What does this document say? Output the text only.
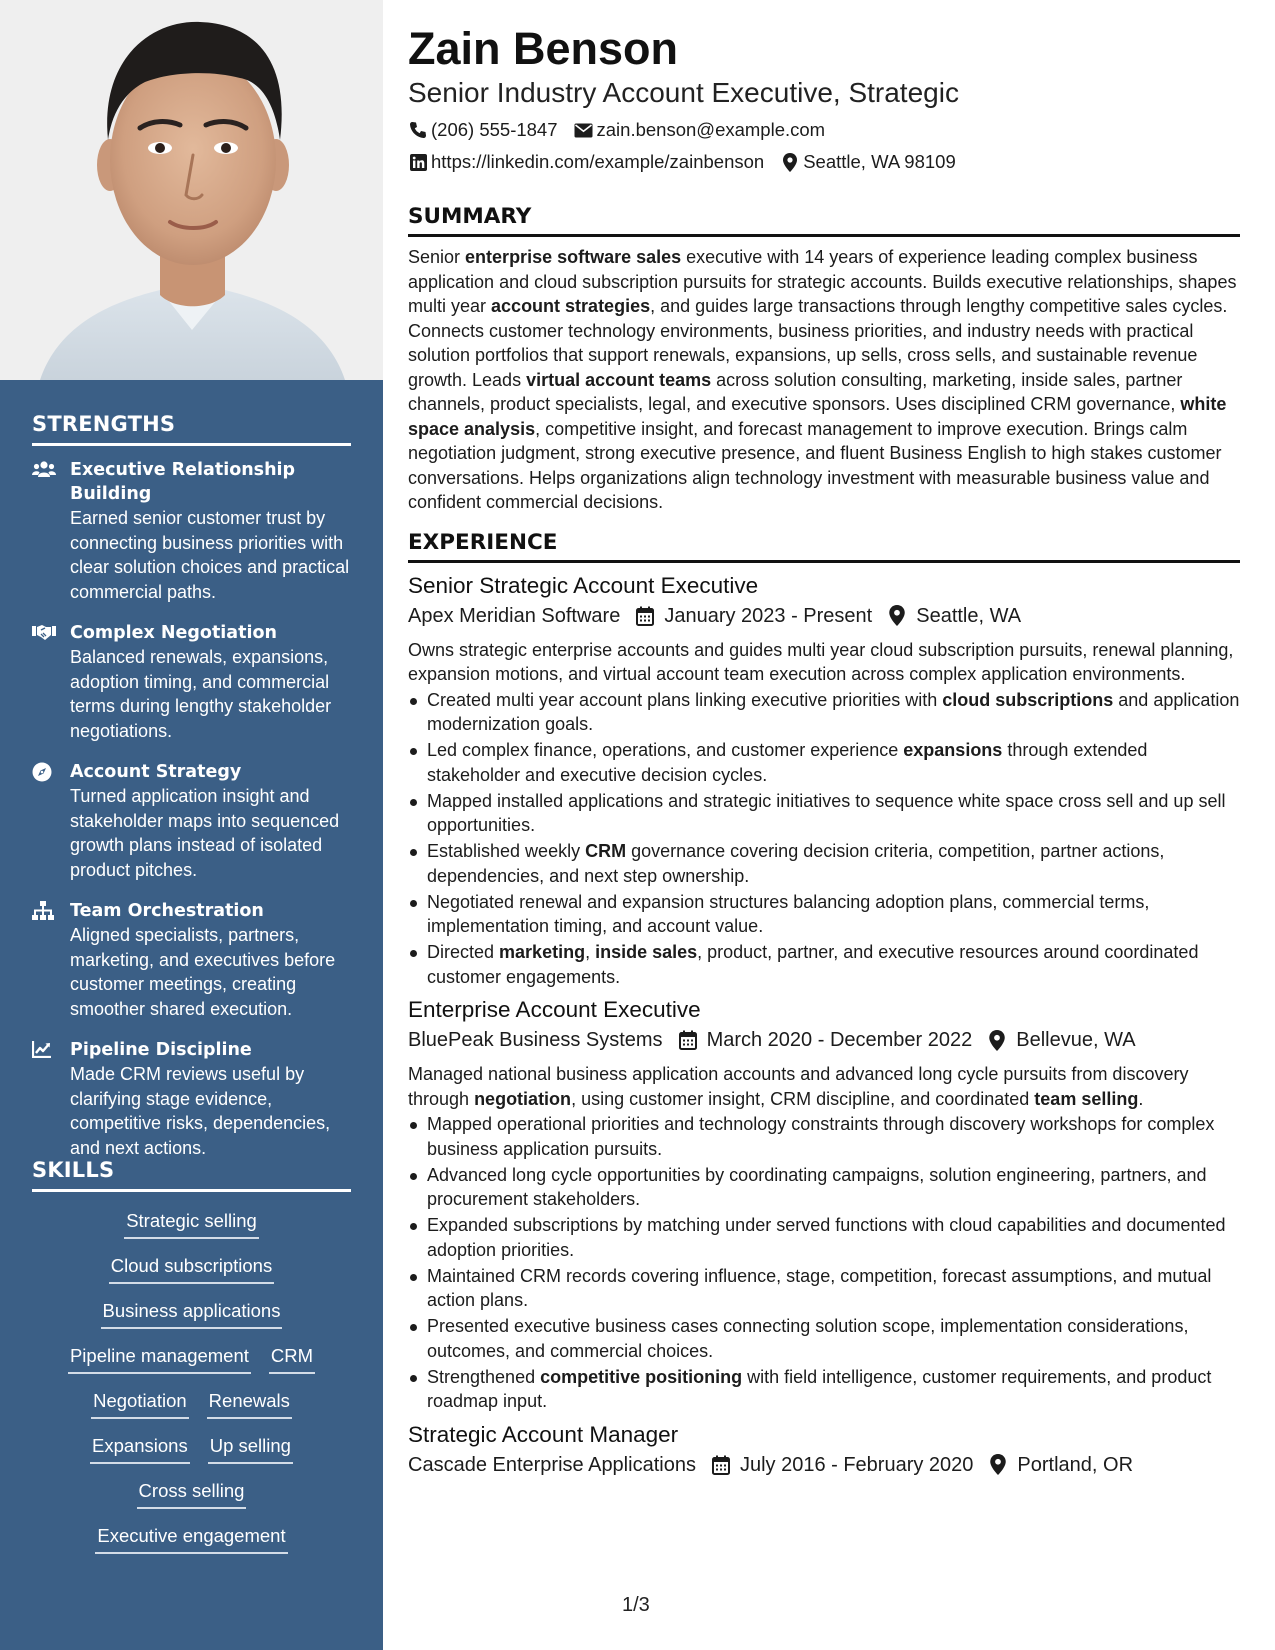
STRENGTHS
Executive Relationship Building
Earned senior customer trust by connecting business priorities with clear solution choices and practical commercial paths.
Complex Negotiation
Balanced renewals, expansions, adoption timing, and commercial terms during lengthy stakeholder negotiations.
Account Strategy
Turned application insight and stakeholder maps into sequenced growth plans instead of isolated product pitches.
Team Orchestration
Aligned specialists, partners, marketing, and executives before customer meetings, creating smoother shared execution.
Pipeline Discipline
Made CRM reviews useful by clarifying stage evidence, competitive risks, dependencies, and next actions.
SKILLS
Strategic selling
Cloud subscriptions
Business applications
Pipeline management CRM
Negotiation Renewals
Expansions Up selling
Cross selling
Executive engagement
Zain Benson
Senior Industry Account Executive, Strategic
(206) 555-1847 zain.benson@example.com
https://linkedin.com/example/zainbenson Seattle, WA 98109
SUMMARY

Senior enterprise software sales executive with 14 years of experience leading complex business application and cloud subscription pursuits for strategic accounts. Builds executive relationships, shapes multi year account strategies, and guides large transactions through lengthy competitive sales cycles. Connects customer technology environments, business priorities, and industry needs with practical solution portfolios that support renewals, expansions, up sells, cross sells, and sustainable revenue growth. Leads virtual account teams across solution consulting, marketing, inside sales, partner channels, product specialists, legal, and executive sponsors. Uses disciplined CRM governance, white space analysis, competitive insight, and forecast management to improve execution. Brings calm negotiation judgment, strong executive presence, and fluent Business English to high stakes customer conversations. Helps organizations align technology investment with measurable business value and confident commercial decisions.

EXPERIENCE
Senior Strategic Account Executive
Apex Meridian Software January 2023 - Present Seattle, WA

Owns strategic enterprise accounts and guides multi year cloud subscription pursuits, renewal planning, expansion motions, and virtual account team execution across complex application environments.

Created multi year account plans linking executive priorities with cloud subscriptions and application modernization goals.
Led complex finance, operations, and customer experience expansions through extended stakeholder and executive decision cycles.
Mapped installed applications and strategic initiatives to sequence white space cross sell and up sell opportunities.
Established weekly CRM governance covering decision criteria, competition, partner actions, dependencies, and next step ownership.
Negotiated renewal and expansion structures balancing adoption plans, commercial terms, implementation timing, and account value.
Directed marketing, inside sales, product, partner, and executive resources around coordinated customer engagements.
Enterprise Account Executive
BluePeak Business Systems March 2020 - December 2022 Bellevue, WA

Managed national business application accounts and advanced long cycle pursuits from discovery through negotiation, using customer insight, CRM discipline, and coordinated team selling.

Mapped operational priorities and technology constraints through discovery workshops for complex business application pursuits.
Advanced long cycle opportunities by coordinating campaigns, solution engineering, partners, and procurement stakeholders.
Expanded subscriptions by matching under served functions with cloud capabilities and documented adoption priorities.
Maintained CRM records covering influence, stage, competition, forecast assumptions, and mutual action plans.
Presented executive business cases connecting solution scope, implementation considerations, outcomes, and commercial choices.
Strengthened competitive positioning with field intelligence, customer requirements, and product roadmap input.
Strategic Account Manager
Cascade Enterprise Applications July 2016 - February 2020 Portland, OR
1/3
